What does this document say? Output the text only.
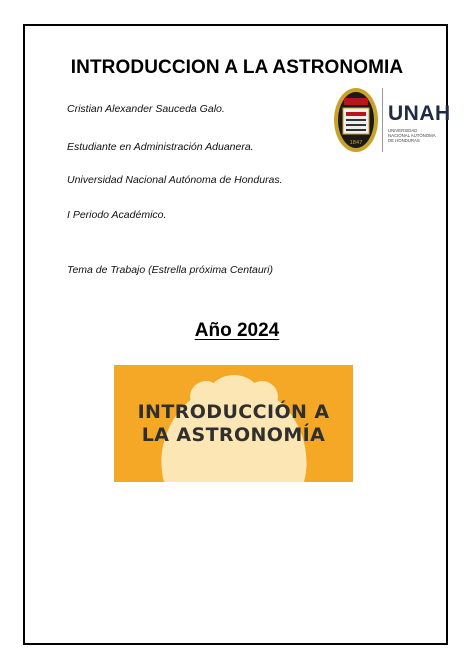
INTRODUCCION A LA ASTRONOMIA
Cristian Alexander Sauceda Galo.
Estudiante en Administración Aduanera.
Universidad Nacional Autónoma de Honduras.
I Periodo Académico.
Tema de Trabajo (Estrella próxima Centauri)
1847
UNAH
UNIVERSIDAD NACIONAL AUTÓNOMA DE HONDURAS
Año 2024
INTRODUCCIÓN A
LA ASTRONOMÍA
